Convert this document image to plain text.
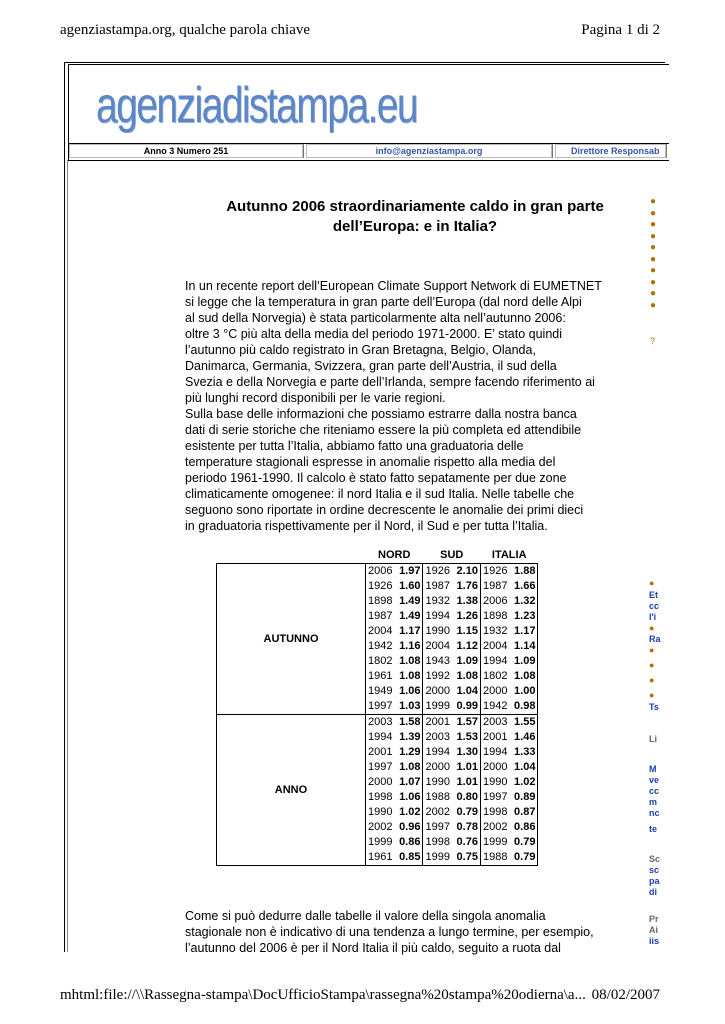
agenziastampa.org, qualche parola chiave	Pagina 1 di 2
agenziadistampa.eu
Anno 3 Numero 251	info@agenziastampa.org	Direttore Responsab
Autunno 2006 straordinariamente caldo in gran parte
dell’Europa: e in Italia?
●
●
●
●
●
●
●
●
●
●
?
In un recente report dell’European Climate Support Network di EUMETNET
si legge che la temperatura in gran parte dell’Europa (dal nord delle Alpi
al sud della Norvegia) è stata particolarmente alta nell’autunno 2006:
oltre 3 °C più alta della media del periodo 1971-2000. E’ stato quindi
l’autunno più caldo registrato in Gran Bretagna, Belgio, Olanda,
Danimarca, Germania, Svizzera, gran parte dell’Austria, il sud della
Svezia e della Norvegia e parte dell’Irlanda, sempre facendo riferimento ai
più lunghi record disponibili per le varie regioni.
Sulla base delle informazioni che possiamo estrarre dalla nostra banca
dati di serie storiche che riteniamo essere la più completa ed attendibile
esistente per tutta l’Italia, abbiamo fatto una graduatoria delle
temperature stagionali espresse in anomalie rispetto alla media del
periodo 1961-1990. Il calcolo è stato fatto sepatamente per due zone
climaticamente omogenee: il nord Italia e il sud Italia. Nelle tabelle che
seguono sono riportate in ordine decrescente le anomalie dei primi dieci
in graduatoria rispettivamente per il Nord, il Sud e per tutta l’Italia.
	NORD		SUD		ITALIA	
AUTUNNO	2006	1.97	1926	2.10	1926	1.88
	1926	1.60	1987	1.76	1987	1.66
	1898	1.49	1932	1.38	2006	1.32
	1987	1.49	1994	1.26	1898	1.23
	2004	1.17	1990	1.15	1932	1.17
	1942	1.16	2004	1.12	2004	1.14
	1802	1.08	1943	1.09	1994	1.09
	1961	1.08	1992	1.08	1802	1.08
	1949	1.06	2000	1.04	2000	1.00
	1997	1.03	1999	0.99	1942	0.98
ANNO	2003	1.58	2001	1.57	2003	1.55
	1994	1.39	2003	1.53	2001	1.46
	2001	1.29	1994	1.30	1994	1.33
	1997	1.08	2000	1.01	2000	1.04
	2000	1.07	1990	1.01	1990	1.02
	1998	1.06	1988	0.80	1997	0.89
	1990	1.02	2002	0.79	1998	0.87
	2002	0.96	1997	0.78	2002	0.86
	1999	0.86	1998	0.76	1999	0.79
	1961	0.85	1999	0.75	1988	0.79
Come si può dedurre dalle tabelle il valore della singola anomalia
stagionale non è indicativo di una tendenza a lungo termine, per esempio,
l’autunno del 2006 è per il Nord Italia il più caldo, seguito a ruota dal
●
Et
cc
l'i
●
Ra
●
●
●
●
Ts
Li
M
ve
cc
m
nc
te
Sc
sc
pa
di
Pr
Ai
iis
mhtml:file://\\Rassegna-stampa\DocUfficioStampa\rassegna%20stampa%20odierna\a... 08/02/2007
